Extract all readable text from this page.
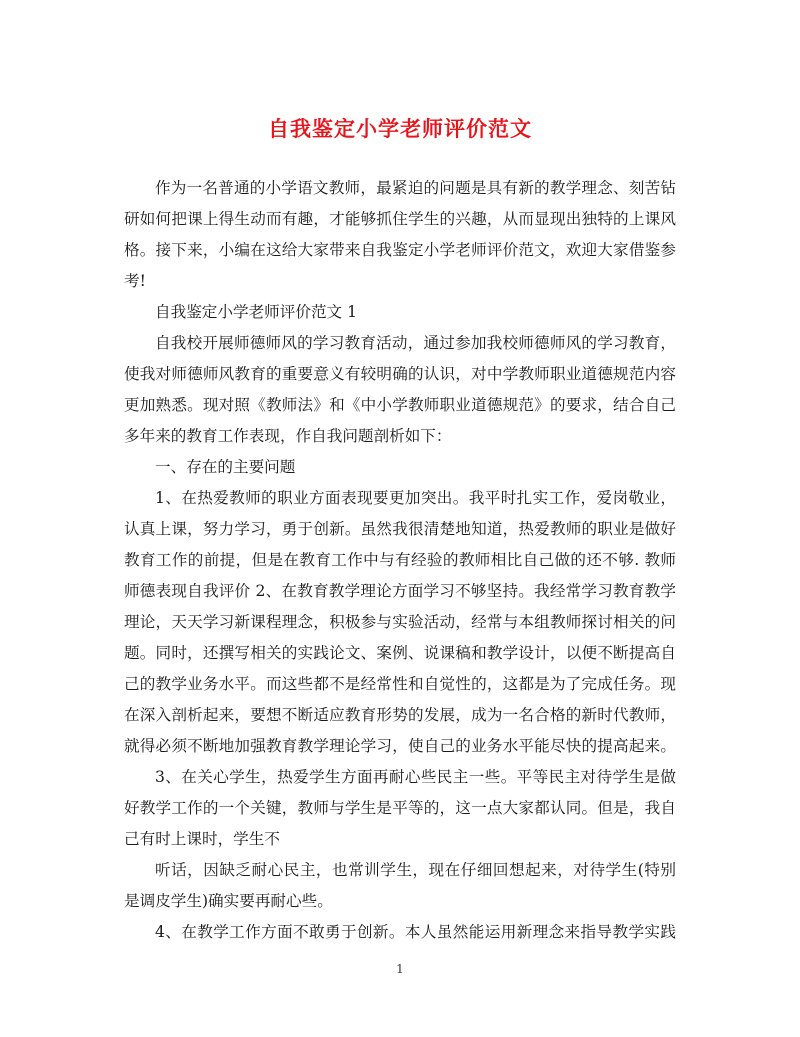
自我鉴定小学老师评价范文
作为一名普通的小学语文教师，最紧迫的问题是具有新的教学理念、刻苦钻
研如何把课上得生动而有趣，才能够抓住学生的兴趣，从而显现出独特的上课风
格。接下来，小编在这给大家带来自我鉴定小学老师评价范文，欢迎大家借鉴参
考!
自我鉴定小学老师评价范文 1
自我校开展师德师风的学习教育活动，通过参加我校师德师风的学习教育，
使我对师德师风教育的重要意义有较明确的认识，对中学教师职业道德规范内容
更加熟悉。现对照《教师法》和《中小学教师职业道德规范》的要求，结合自己
多年来的教育工作表现，作自我问题剖析如下：
一、存在的主要问题
1、在热爱教师的职业方面表现要更加突出。我平时扎实工作，爱岗敬业，
认真上课，努力学习，勇于创新。虽然我很清楚地知道，热爱教师的职业是做好
教育工作的前提，但是在教育工作中与有经验的教师相比自己做的还不够. 教师
师德表现自我评价 2、在教育教学理论方面学习不够坚持。我经常学习教育教学
理论，天天学习新课程理念，积极参与实验活动，经常与本组教师探讨相关的问
题。同时，还撰写相关的实践论文、案例、说课稿和教学设计，以便不断提高自
己的教学业务水平。而这些都不是经常性和自觉性的，这都是为了完成任务。现
在深入剖析起来，要想不断适应教育形势的发展，成为一名合格的新时代教师，
就得必须不断地加强教育教学理论学习，使自己的业务水平能尽快的提高起来。
3、在关心学生，热爱学生方面再耐心些民主一些。平等民主对待学生是做
好教学工作的一个关键，教师与学生是平等的，这一点大家都认同。但是，我自
己有时上课时，学生不
听话，因缺乏耐心民主，也常训学生，现在仔细回想起来，对待学生(特别
是调皮学生)确实要再耐心些。
4、在教学工作方面不敢勇于创新。本人虽然能运用新理念来指导教学实践
1
